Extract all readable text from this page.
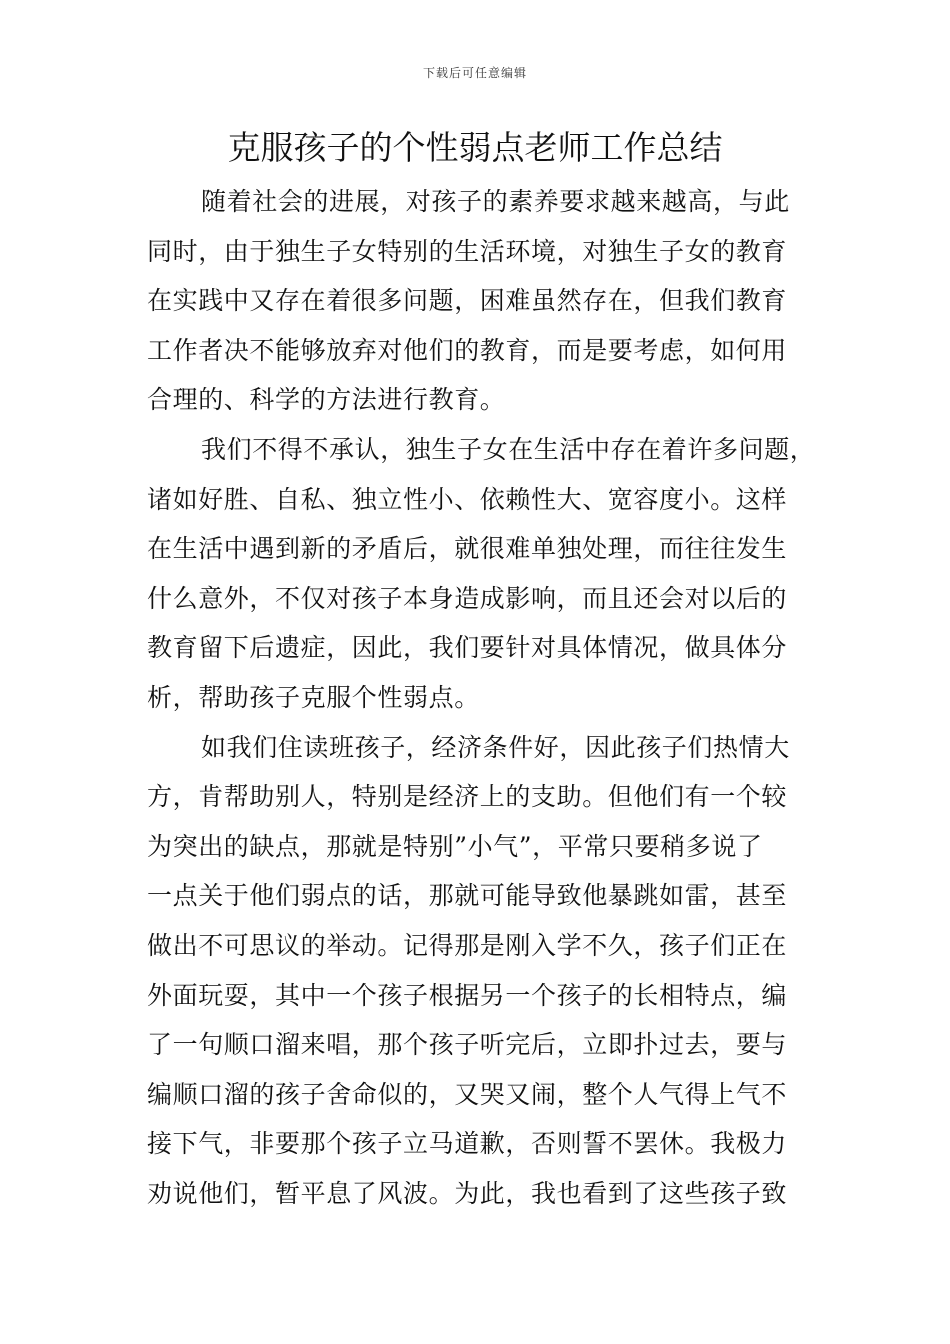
下载后可任意编辑
克服孩子的个性弱点老师工作总结

随着社会的进展，对孩子的素养要求越来越高，与此
同时，由于独生子女特别的生活环境，对独生子女的教育
在实践中又存在着很多问题，困难虽然存在，但我们教育
工作者决不能够放弃对他们的教育，而是要考虑，如何用
合理的、科学的方法进行教育。

我们不得不承认，独生子女在生活中存在着许多问题，
诸如好胜、自私、独立性小、依赖性大、宽容度小。这样
在生活中遇到新的矛盾后，就很难单独处理，而往往发生
什么意外，不仅对孩子本身造成影响，而且还会对以后的
教育留下后遗症，因此，我们要针对具体情况，做具体分
析，帮助孩子克服个性弱点。

如我们住读班孩子，经济条件好，因此孩子们热情大
方，肯帮助别人，特别是经济上的支助。但他们有一个较
为突出的缺点，那就是特别”小气”，平常只要稍多说了
一点关于他们弱点的话，那就可能导致他暴跳如雷，甚至
做出不可思议的举动。记得那是刚入学不久，孩子们正在
外面玩耍，其中一个孩子根据另一个孩子的长相特点，编
了一句顺口溜来唱，那个孩子听完后，立即扑过去，要与
编顺口溜的孩子舍命似的，又哭又闹，整个人气得上气不
接下气，非要那个孩子立马道歉，否则誓不罢休。我极力
劝说他们，暂平息了风波。为此，我也看到了这些孩子致
